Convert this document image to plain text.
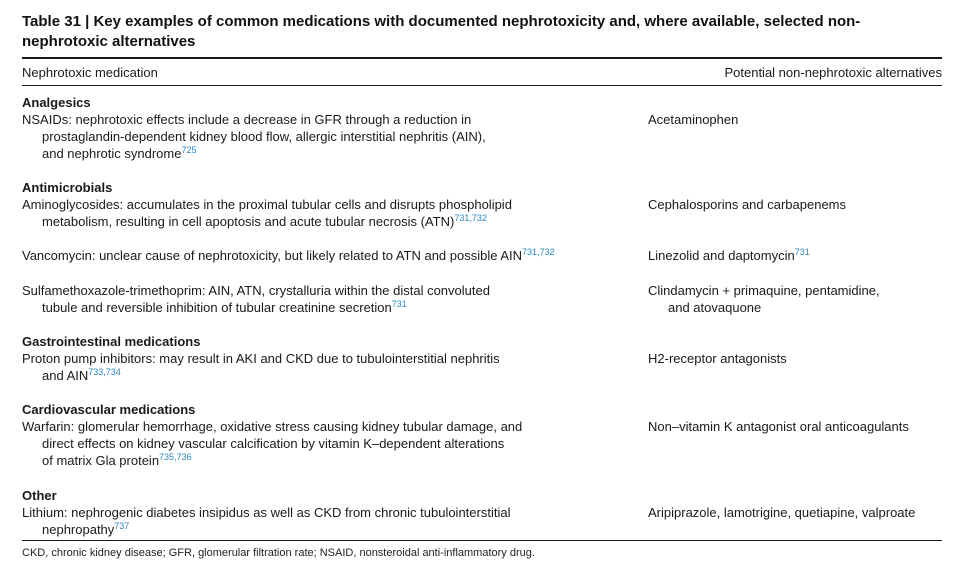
Table 31 | Key examples of common medications with documented nephrotoxicity and, where available, selected non-
nephrotoxic alternatives
Nephrotoxic medication	Potential non-nephrotoxic alternatives
Analgesics
NSAIDs: nephrotoxic effects include a decrease in GFR through a reduction in
prostaglandin-dependent kidney blood flow, allergic interstitial nephritis (AIN),
and nephrotic syndrome$^{725}$
Acetaminophen
Antimicrobials
Aminoglycosides: accumulates in the proximal tubular cells and disrupts phospholipid
metabolism, resulting in cell apoptosis and acute tubular necrosis (ATN)$^{731,732}$
Cephalosporins and carbapenems
Vancomycin: unclear cause of nephrotoxicity, but likely related to ATN and possible AIN$^{731,732}$	Linezolid and daptomycin$^{731}$
Sulfamethoxazole-trimethoprim: AIN, ATN, crystalluria within the distal convoluted
tubule and reversible inhibition of tubular creatinine secretion$^{731}$
Clindamycin + primaquine, pentamidine,
and atovaquone
Gastrointestinal medications
Proton pump inhibitors: may result in AKI and CKD due to tubulointerstitial nephritis
and AIN$^{733,734}$
H2-receptor antagonists
Cardiovascular medications
Warfarin: glomerular hemorrhage, oxidative stress causing kidney tubular damage, and
direct effects on kidney vascular calcification by vitamin K–dependent alterations
of matrix Gla protein$^{735,736}$
Non–vitamin K antagonist oral anticoagulants
Other
Lithium: nephrogenic diabetes insipidus as well as CKD from chronic tubulointerstitial
nephropathy$^{737}$
Aripiprazole, lamotrigine, quetiapine, valproate
CKD, chronic kidney disease; GFR, glomerular filtration rate; NSAID, nonsteroidal anti-inflammatory drug.
